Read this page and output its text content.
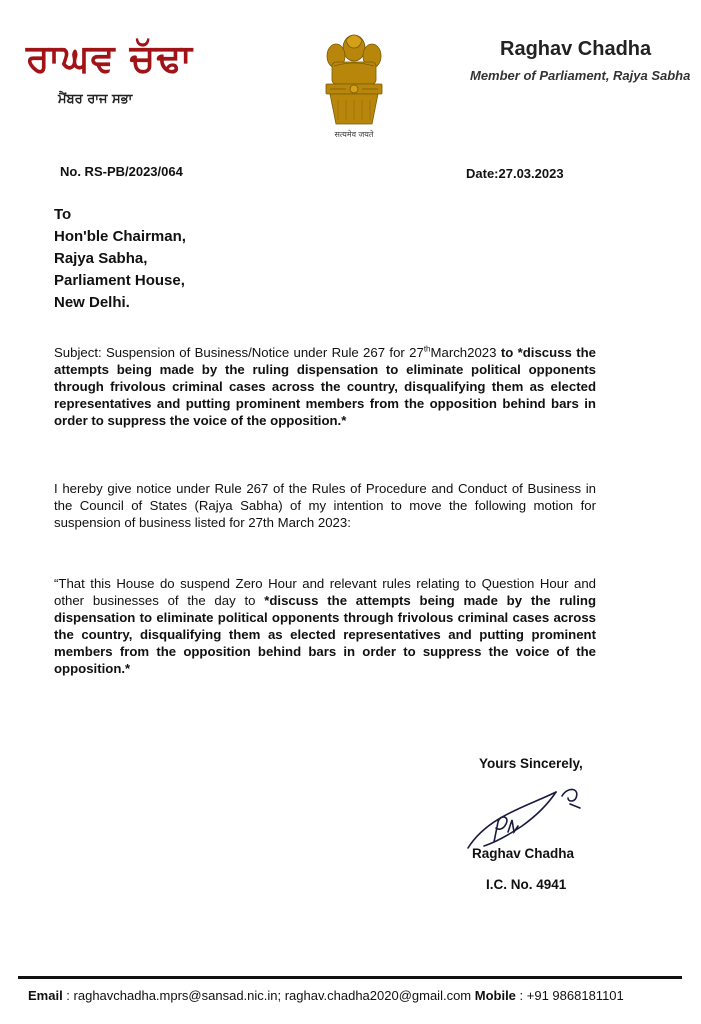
ਰਾਘਵ ਚੱਢਾ
ਮੈਂਬਰ ਰਾਜ ਸਭਾ
सत्यमेव जयते
Raghav Chadha
Member of Parliament, Rajya Sabha
No. RS-PB/2023/064	Date:27.03.2023
To
Hon'ble Chairman,
Rajya Sabha,
Parliament House,
New Delhi.
Subject: Suspension of Business/Notice under Rule 267 for 27thMarch2023 to *discuss the attempts being made by the ruling dispensation to eliminate political opponents through frivolous criminal cases across the country, disqualifying them as elected representatives and putting prominent members from the opposition behind bars in order to suppress the voice of the opposition.*
I hereby give notice under Rule 267 of the Rules of Procedure and Conduct of Business in the Council of States (Rajya Sabha) of my intention to move the following motion for suspension of business listed for 27th March 2023:
“That this House do suspend Zero Hour and relevant rules relating to Question Hour and other businesses of the day to *discuss the attempts being made by the ruling dispensation to eliminate political opponents through frivolous criminal cases across the country, disqualifying them as elected representatives and putting prominent members from the opposition behind bars in order to suppress the voice of the opposition.*
Yours Sincerely,
Raghav Chadha
I.C. No. 4941
Email : raghavchadha.mprs@sansad.nic.in; raghav.chadha2020@gmail.com Mobile : +91 9868181101
